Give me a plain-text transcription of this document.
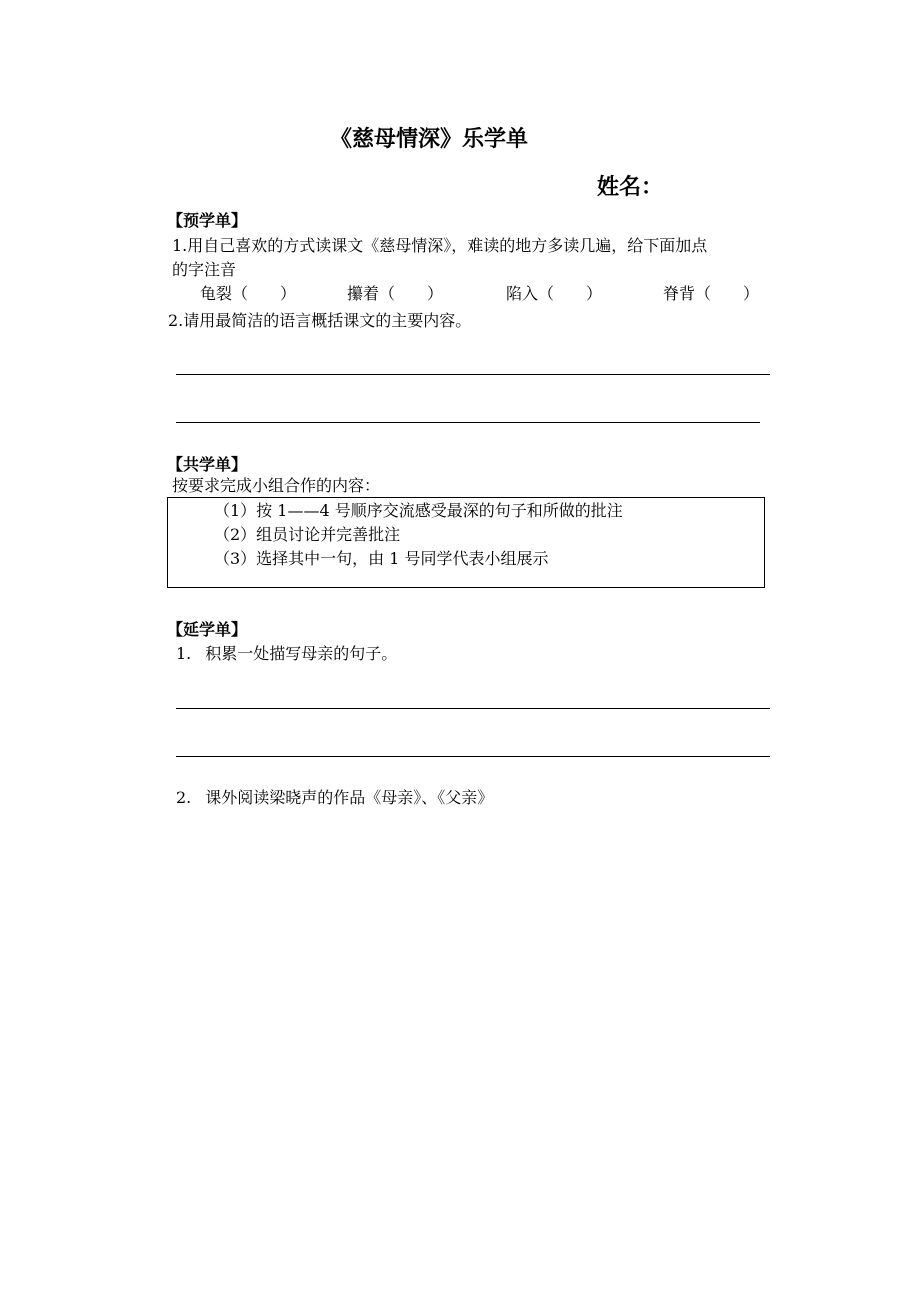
《慈母情深》乐学单
姓名：
【预学单】
1.用自己喜欢的方式读课文《慈母情深》，难读的地方多读几遍，给下面加点
的字注音
龟裂（　　）	攥着（　　）	陷入（　　）	脊背（　　）
2.请用最简洁的语言概括课文的主要内容。
【共学单】
按要求完成小组合作的内容：
（1）按 1——4 号顺序交流感受最深的句子和所做的批注
（2）组员讨论并完善批注
（3）选择其中一句，由 1 号同学代表小组展示
【延学单】
1. 积累一处描写母亲的句子。
2. 课外阅读梁晓声的作品《母亲》、《父亲》
